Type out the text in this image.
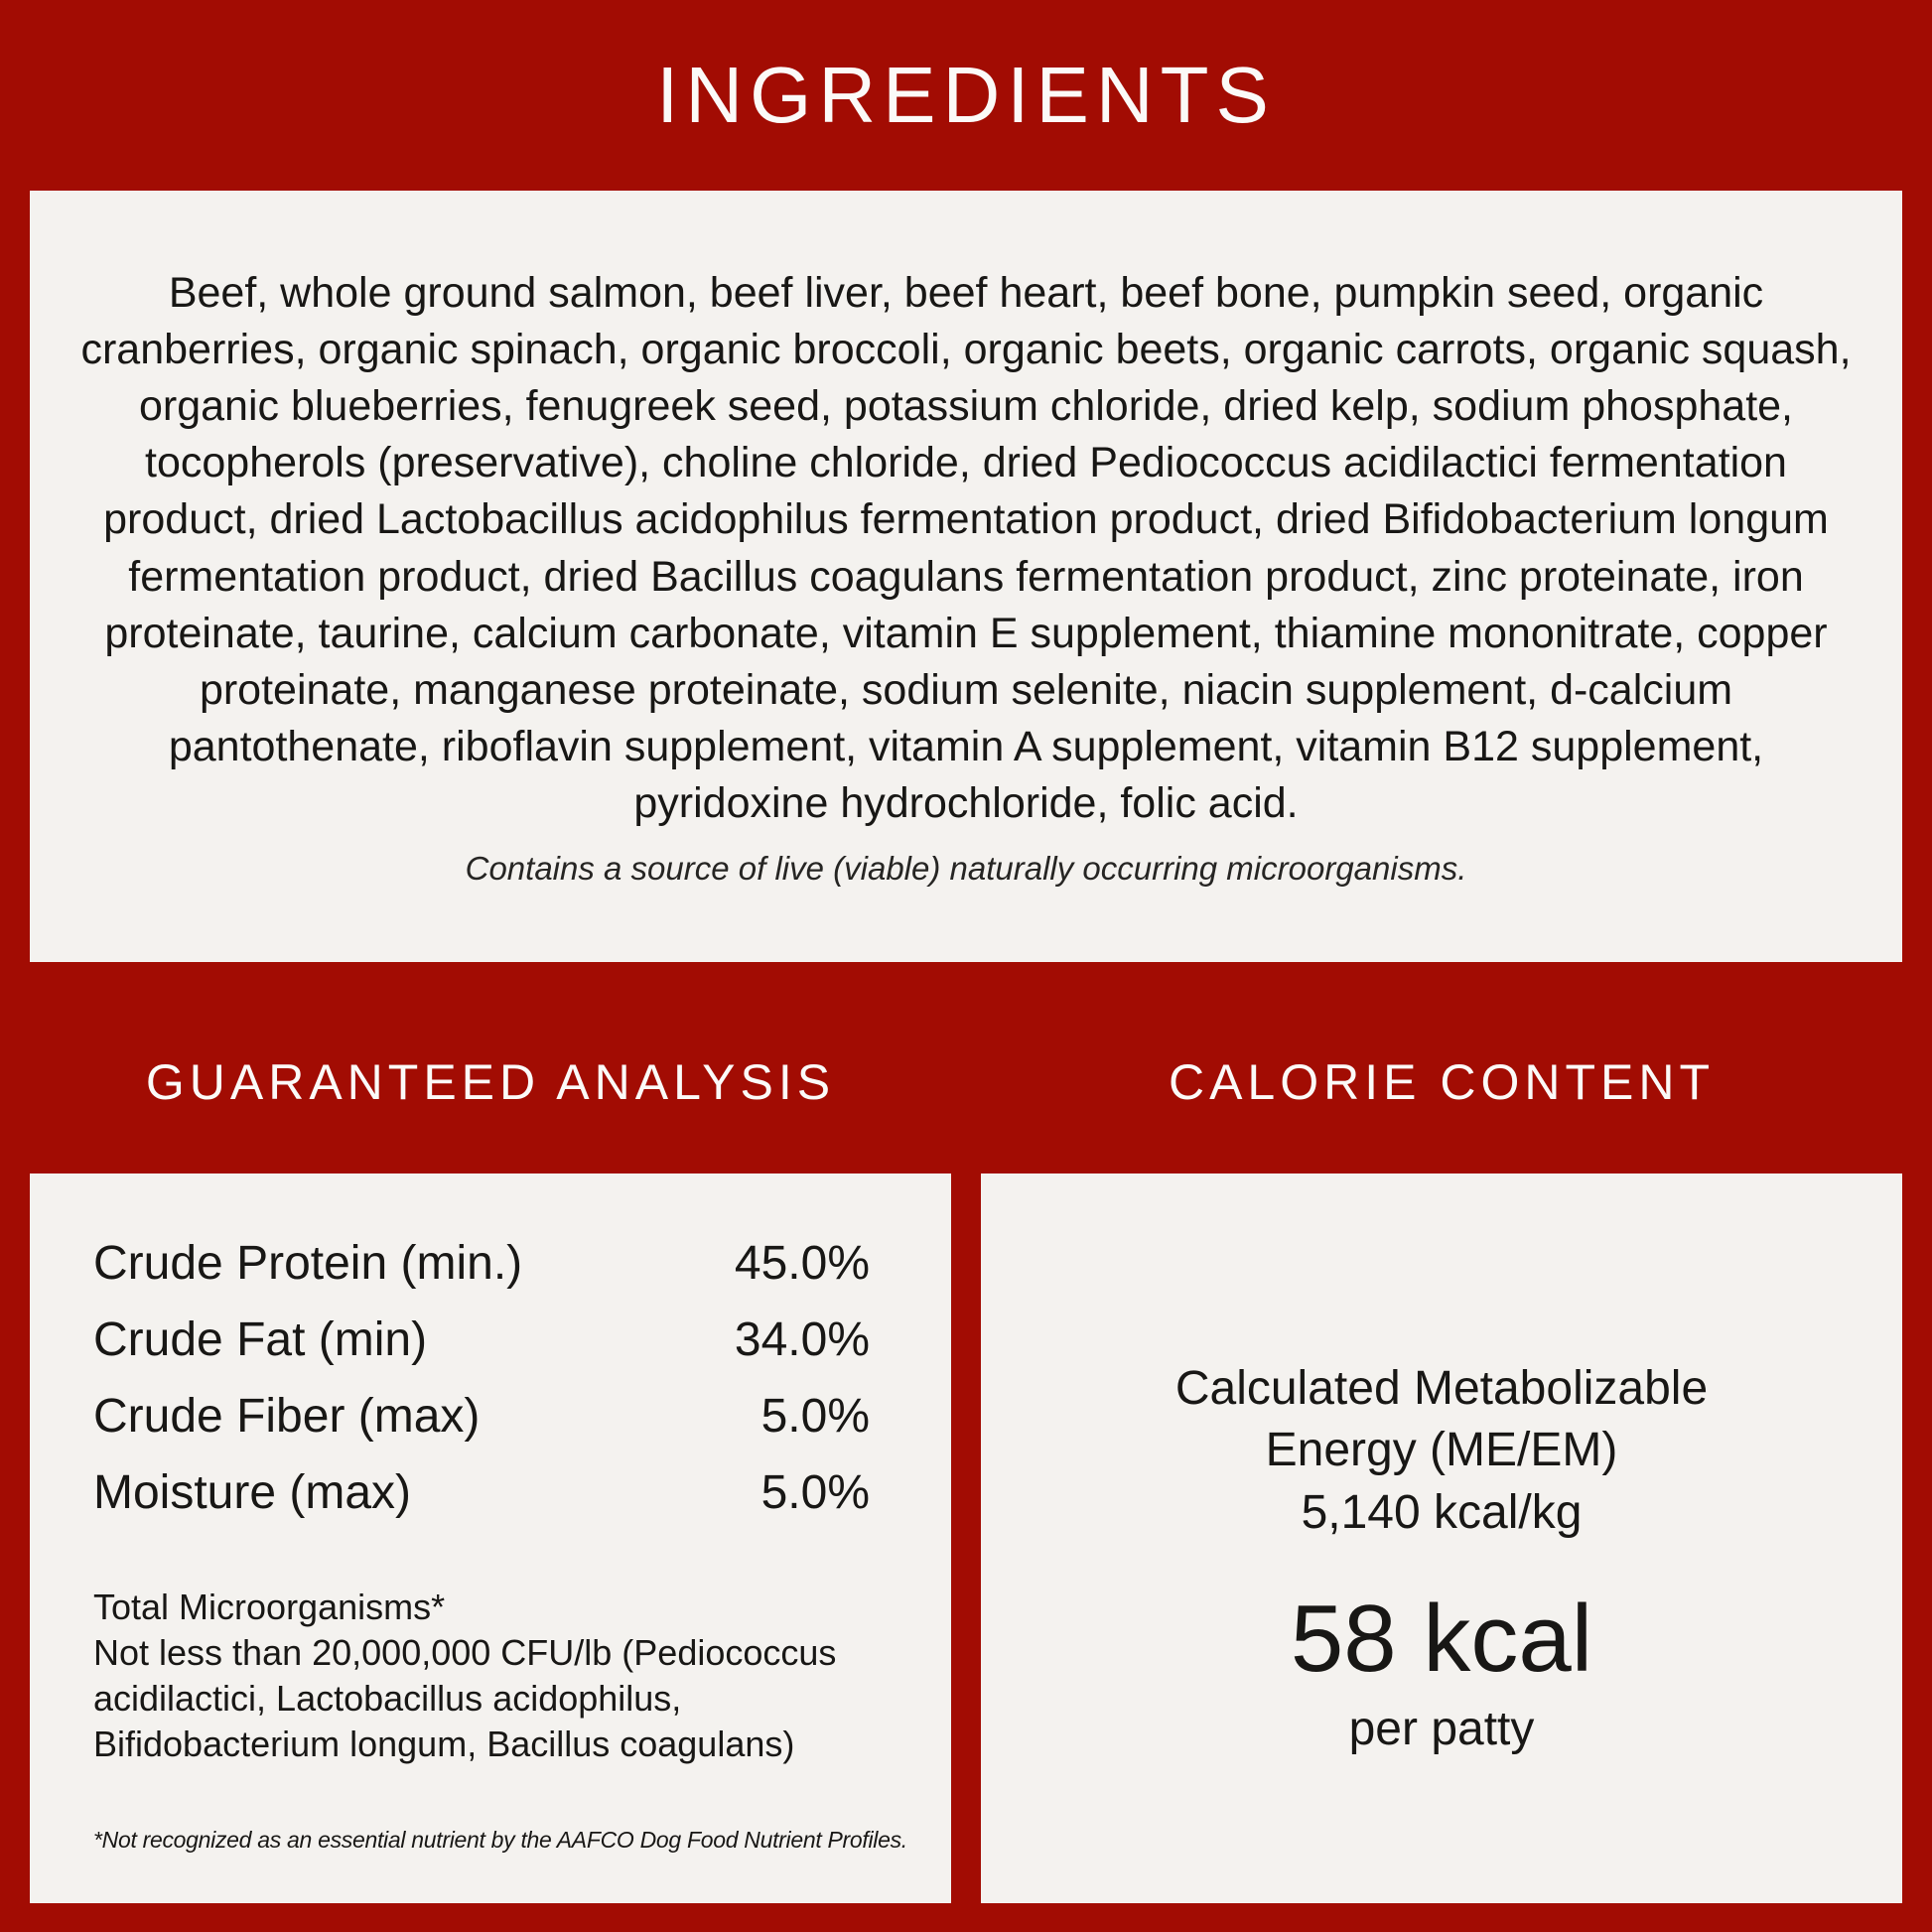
INGREDIENTS
Beef, whole ground salmon, beef liver, beef heart, beef bone, pumpkin seed, organic cranberries, organic spinach, organic broccoli, organic beets, organic carrots, organic squash, organic blueberries, fenugreek seed, potassium chloride, dried kelp, sodium phosphate, tocopherols (preservative), choline chloride, dried Pediococcus acidilactici fermentation product, dried Lactobacillus acidophilus fermentation product, dried Bifidobacterium longum fermentation product, dried Bacillus coagulans fermentation product, zinc proteinate, iron proteinate, taurine, calcium carbonate, vitamin E supplement, thiamine mononitrate, copper proteinate, manganese proteinate, sodium selenite, niacin supplement, d-calcium pantothenate, riboflavin supplement, vitamin A supplement, vitamin B12 supplement, pyridoxine hydrochloride, folic acid.
Contains a source of live (viable) naturally occurring microorganisms.
GUARANTEED ANALYSIS	CALORIE CONTENT
Crude Protein (min.)	45.0%
Crude Fat (min)	34.0%
Crude Fiber (max)	5.0%
Moisture (max)	5.0%
Total Microorganisms*
Not less than 20,000,000 CFU/lb (Pediococcus acidilactici, Lactobacillus acidophilus, Bifidobacterium longum, Bacillus coagulans)
*Not recognized as an essential nutrient by the AAFCO Dog Food Nutrient Profiles.
Calculated Metabolizable Energy (ME/EM)
5,140 kcal/kg
58 kcal
per patty
